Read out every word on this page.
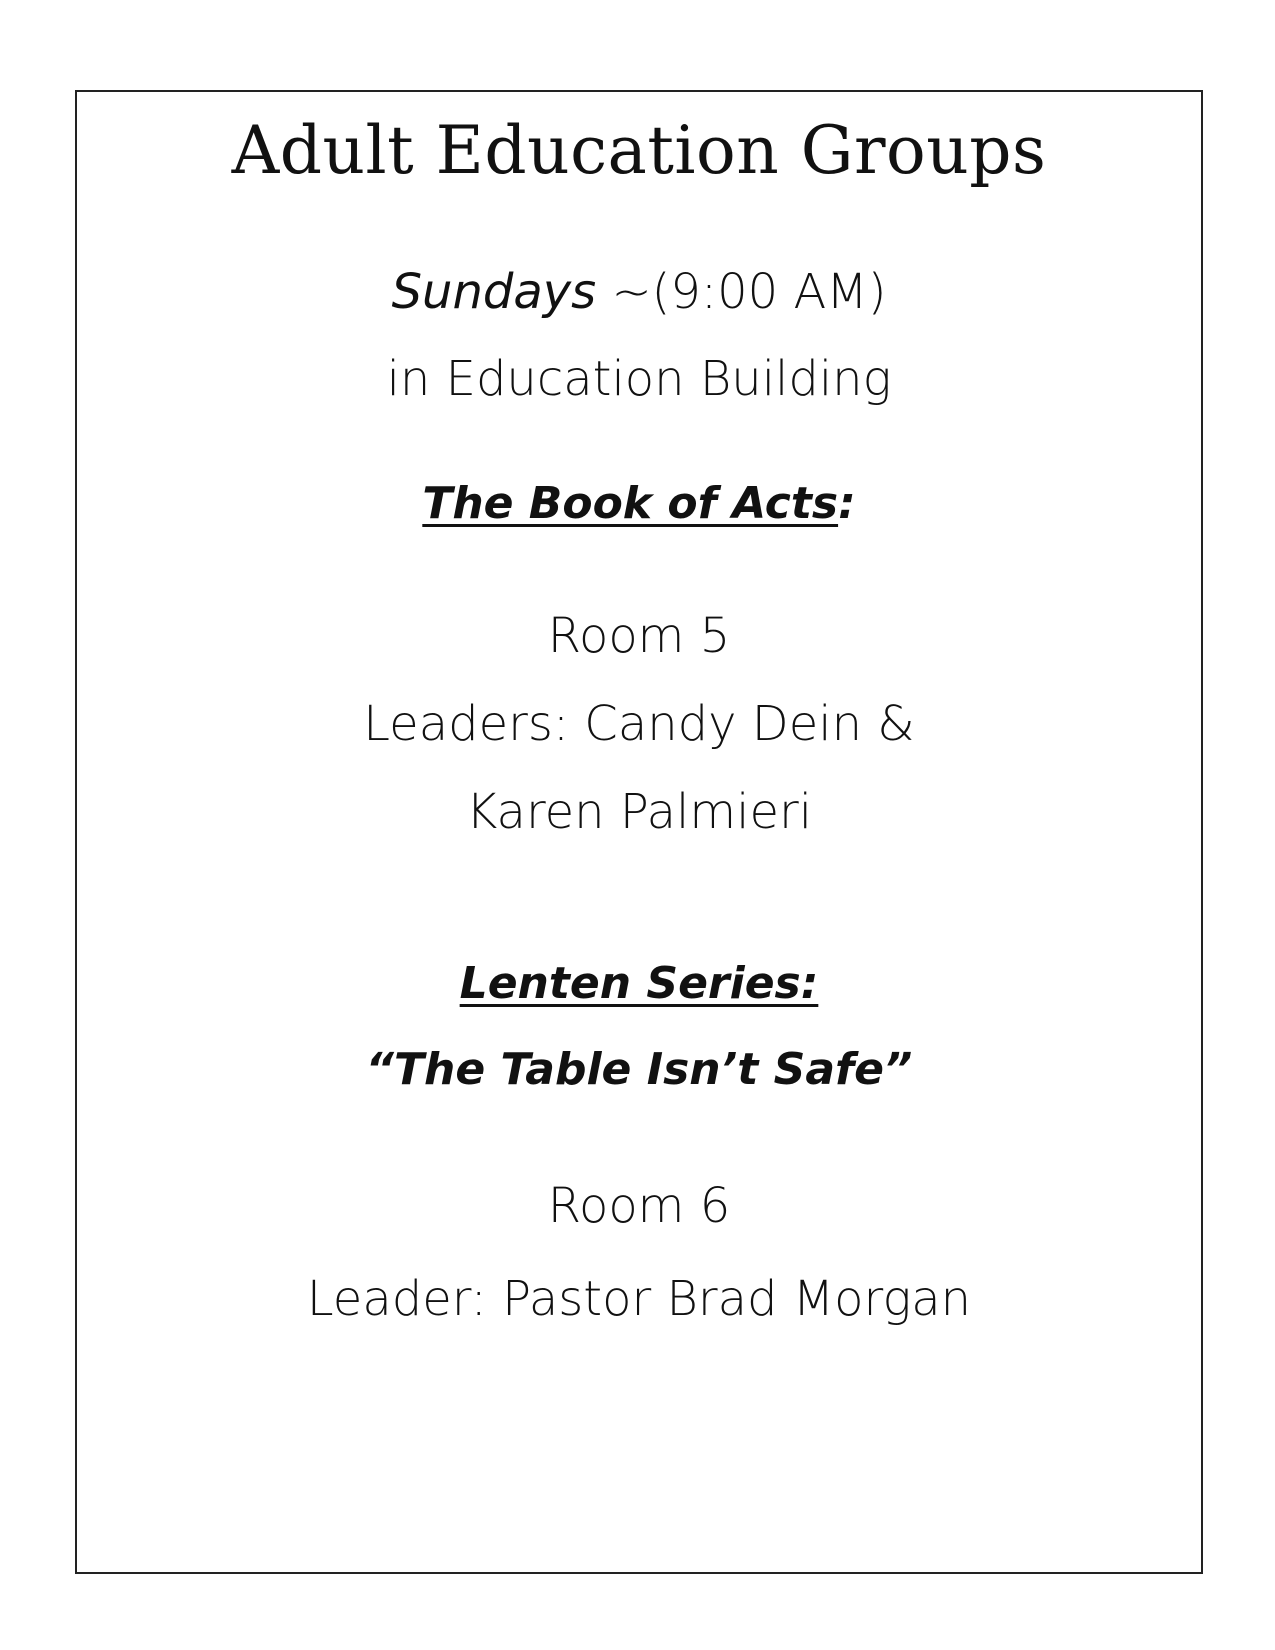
Adult Education Groups
Sundays ~(9:00 AM)
in Education Building
The Book of Acts:
Room 5
Leaders: Candy Dein &
Karen Palmieri
Lenten Series:
“The Table Isn’t Safe”
Room 6
Leader: Pastor Brad Morgan
